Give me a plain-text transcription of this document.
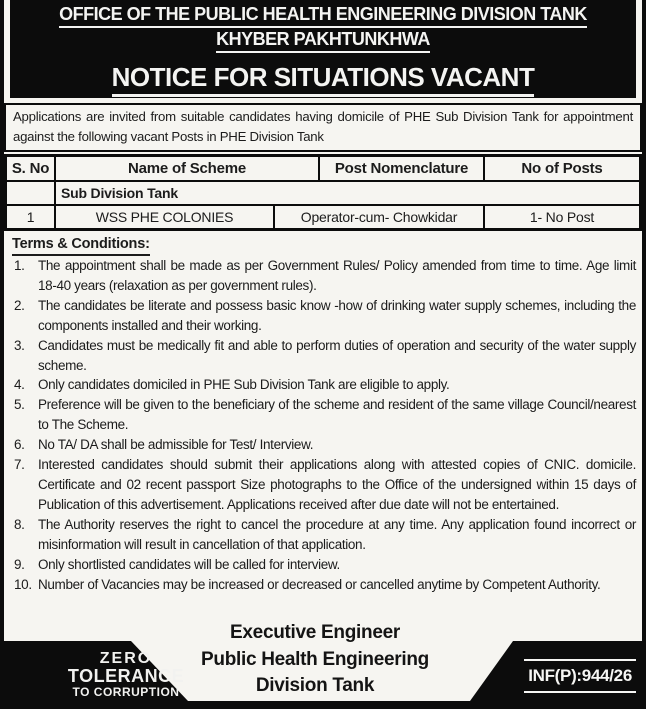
OFFICE OF THE PUBLIC HEALTH ENGINEERING DIVISION TANK
KHYBER PAKHTUNKHWA
NOTICE FOR SITUATIONS VACANT
Applications are invited from suitable candidates having domicile of PHE Sub Division Tank for appointment against the following vacant Posts in PHE Division Tank
S. No	Name of Scheme	Post Nomenclature	No of Posts
Sub Division Tank
1	WSS PHE COLONIES	Operator-cum- Chowkidar	1- No Post
Terms & Conditions:
1. The appointment shall be made as per Government Rules/ Policy amended from time to time. Age limit 18-40 years (relaxation as per government rules).
2. The candidates be literate and possess basic know -how of drinking water supply schemes, including the components installed and their working.
3. Candidates must be medically fit and able to perform duties of operation and security of the water supply scheme.
4. Only candidates domiciled in PHE Sub Division Tank are eligible to apply.
5. Preference will be given to the beneficiary of the scheme and resident of the same village Council/nearest to The Scheme.
6. No TA/ DA shall be admissible for Test/ Interview.
7. Interested candidates should submit their applications along with attested copies of CNIC. domicile. Certificate and 02 recent passport Size photographs to the Office of the undersigned within 15 days of Publication of this advertisement. Applications received after due date will not be entertained.
8. The Authority reserves the right to cancel the procedure at any time. Any application found incorrect or misinformation will result in cancellation of that application.
9. Only shortlisted candidates will be called for interview.
10. Number of Vacancies may be increased or decreased or cancelled anytime by Competent Authority.
ZERO
TOLERANCE
TO CORRUPTION
Executive Engineer
Public Health Engineering
Division Tank	INF(P):944/26
